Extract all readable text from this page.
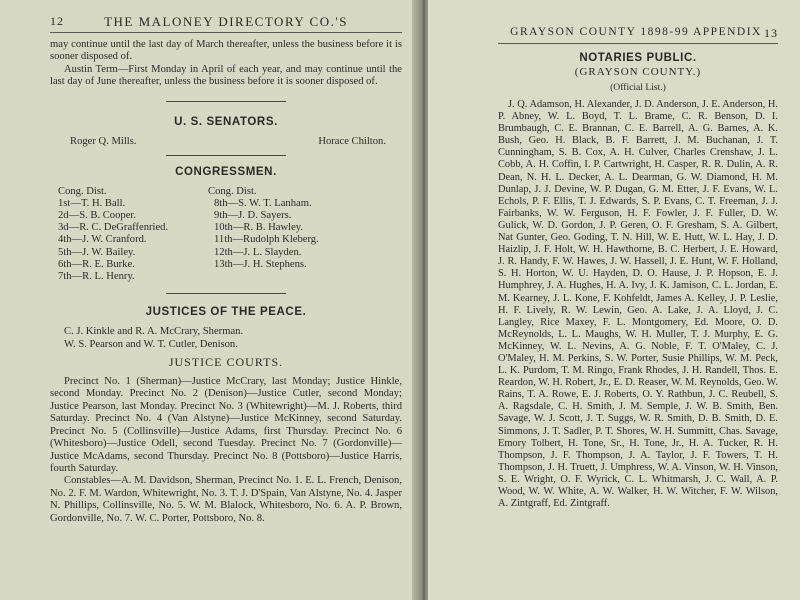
12	THE MALONEY DIRECTORY CO.'S

may continue until the last day of March thereafter, unless the business before it is sooner disposed of.

Austin Term—First Monday in April of each year, and may continue until the last day of June thereafter, unless the business before it is sooner disposed of.

U. S. SENATORS.
Roger Q. Mills.	Horace Chilton.
CONGRESSMEN.
Cong. Dist.
1st—T. H. Ball.
2d—S. B. Cooper.
3d—R. C. DeGraffenried.
4th—J. W. Cranford.
5th—J. W. Bailey.
6th—R. E. Burke.
7th—R. L. Henry.
Cong. Dist.
8th—S. W. T. Lanham.
9th—J. D. Sayers.
10th—R. B. Hawley.
11th—Rudolph Kleberg.
12th—J. L. Slayden.
13th—J. H. Stephens.
JUSTICES OF THE PEACE.

C. J. Kinkle and R. A. McCrary, Sherman.

W. S. Pearson and W. T. Cutler, Denison.

JUSTICE COURTS.

Precinct No. 1 (Sherman)—Justice McCrary, last Monday; Justice Hinkle, second Monday. Precinct No. 2 (Denison)—Justice Cutler, second Monday; Justice Pearson, last Monday. Precinct No. 3 (Whitewright)—M. J. Roberts, third Saturday. Precinct No. 4 (Van Alstyne)—Justice McKinney, second Saturday. Precinct No. 5 (Collinsville)—Justice Adams, first Thursday. Precinct No. 6 (Whitesboro)—Justice Odell, second Tuesday. Precinct No. 7 (Gordonville)—Justice McAdams, second Thursday. Precinct No. 8 (Pottsboro)—Justice Harris, fourth Saturday.

Constables—A. M. Davidson, Sherman, Precinct No. 1. E. L. French, Denison, No. 2. F. M. Wardon, Whitewright, No. 3. T. J. D'Spain, Van Alstyne, No. 4. Jasper N. Phillips, Collinsville, No. 5. W. M. Blalock, Whitesboro, No. 6. A. P. Brown, Gordonville, No. 7. W. C. Porter, Pottsboro, No. 8.

GRAYSON COUNTY 1898-99 APPENDIX 13
NOTARIES PUBLIC.
(GRAYSON COUNTY.)
(Official List.)

J. Q. Adamson, H. Alexander, J. D. Anderson, J. E. Anderson, H. P. Abney, W. L. Boyd, T. L. Brame, C. R. Benson, D. I. Brumbaugh, C. E. Brannan, C. E. Barrell, A. G. Barnes, A. K. Bush, Geo. H. Black, B. F. Barrett, J. M. Buchanan, J. T. Cunningham, S. B. Cox, A. H. Culver, Charles Crenshaw, J. L. Cobb, A. H. Coffin, I. P. Cartwright, H. Casper, R. R. Dulin, A. R. Dean, N. H. L. Decker, A. L. Dearman, G. W. Diamond, H. M. Dunlap, J. J. Devine, W. P. Dugan, G. M. Etter, J. F. Evans, W. L. Echols, P. F. Ellis, T. J. Edwards, S. P. Evans, C. T. Freeman, J. J. Fairbanks, W. W. Ferguson, H. F. Fowler, J. F. Fuller, D. W. Gulick, W. D. Gordon, J. P. Geren, O. F. Gresham, S. A. Gilbert, Nat Gunter, Geo. Goding, T. N. Hill, W. E. Hutt, W. L. Hay, J. D. Haizlip, J. F. Holt, W. H. Hawthorne, B. C. Herbert, J. E. Howard, J. R. Handy, F. W. Hawes, J. W. Hassell, J. E. Hunt, W. F. Holland, S. H. Horton, W. U. Hayden, D. O. Hause, J. P. Hopson, E. J. Humphrey, J. A. Hughes, H. A. Ivy, J. K. Jamison, C. L. Jordan, E. M. Kearney, J. L. Kone, F. Kohfeldt, James A. Kelley, J. P. Leslie, H. F. Lively, R. W. Lewin, Geo. A. Lake, J. A. Lloyd, J. C. Langley, Rice Maxey, F. L. Montgomery, Ed. Moore, O. D. McReynolds, L. L. Maughs, W. H. Muller, T. J. Murphy, E. G. McKinney, W. L. Nevins, A. G. Noble, F. T. O'Maley, C. J. O'Maley, H. M. Perkins, S. W. Porter, Susie Phillips, W. M. Peck, L. K. Purdom, T. M. Ringo, Frank Rhodes, J. H. Randell, Thos. E. Reardon, W. H. Robert, Jr., E. D. Reaser, W. M. Reynolds, Geo. W. Rains, T. A. Rowe, E. J. Roberts, O. Y. Rathbun, J. C. Reubell, S. A. Ragsdale, C. H. Smith, J. M. Semple, J. W. B. Smith, Ben. Savage, W. J. Scott, J. T. Suggs, W. R. Smith, D. B. Smith, D. E. Simmons, J. T. Sadler, P. T. Shores, W. H. Summitt, Chas. Savage, Emory Tolbert, H. Tone, Sr., H. Tone, Jr., H. A. Tucker, R. H. Thompson, J. F. Thompson, J. A. Taylor, J. F. Towers, T. H. Thompson, J. H. Truett, J. Umphress, W. A. Vinson, W. H. Vinson, S. E. Wright, O. F. Wyrick, C. L. Whitmarsh, J. C. Wall, A. P. Wood, W. W. White, A. W. Walker, H. W. Witcher, F. W. Wilson, A. Zintgraff, Ed. Zintgraff.
